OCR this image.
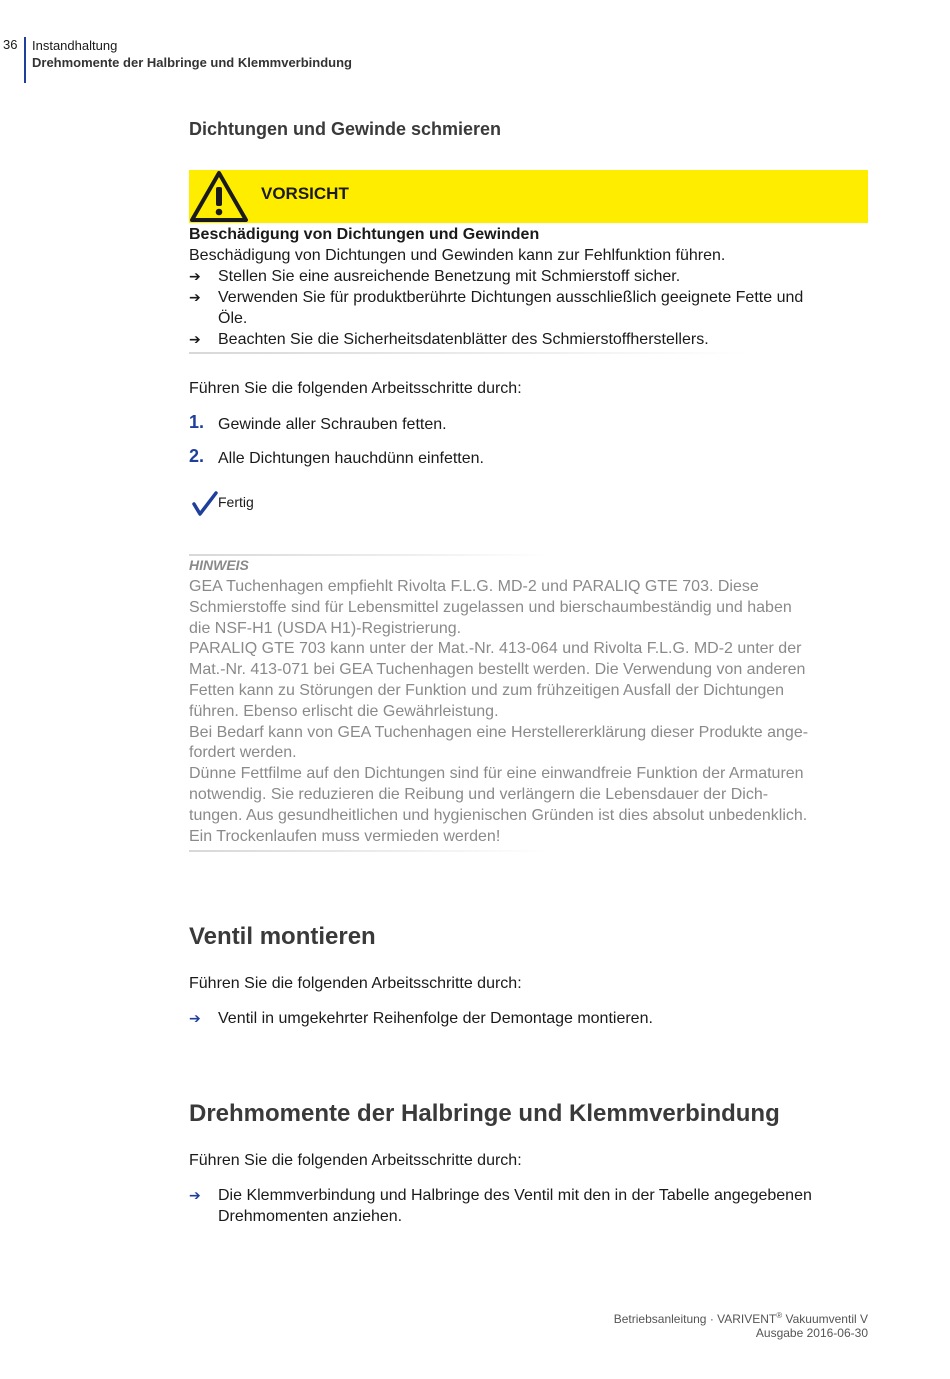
36 Instandhaltung
Drehmomente der Halbringe und Klemmverbindung
Dichtungen und Gewinde schmieren
VORSICHT
Beschädigung von Dichtungen und Gewinden
Beschädigung von Dichtungen und Gewinden kann zur Fehlfunktion führen.
➔ Stellen Sie eine ausreichende Benetzung mit Schmierstoff sicher.
➔ Verwenden Sie für produktberührte Dichtungen ausschließlich geeignete Fette und
Öle.
➔ Beachten Sie die Sicherheitsdatenblätter des Schmierstoffherstellers.
Führen Sie die folgenden Arbeitsschritte durch:
1. Gewinde aller Schrauben fetten.
2. Alle Dichtungen hauchdünn einfetten.
Fertig
HINWEIS
GEA Tuchenhagen empfiehlt Rivolta F.L.G. MD-2 und PARALIQ GTE 703. Diese
Schmierstoffe sind für Lebensmittel zugelassen und bierschaumbeständig und haben
die NSF-H1 (USDA H1)-Registrierung.
PARALIQ GTE 703 kann unter der Mat.-Nr. 413-064 und Rivolta F.L.G. MD-2 unter der
Mat.-Nr. 413-071 bei GEA Tuchenhagen bestellt werden. Die Verwendung von anderen
Fetten kann zu Störungen der Funktion und zum frühzeitigen Ausfall der Dichtungen
führen. Ebenso erlischt die Gewährleistung.
Bei Bedarf kann von GEA Tuchenhagen eine Herstellererklärung dieser Produkte ange-
fordert werden.
Dünne Fettfilme auf den Dichtungen sind für eine einwandfreie Funktion der Armaturen
notwendig. Sie reduzieren die Reibung und verlängern die Lebensdauer der Dich-
tungen. Aus gesundheitlichen und hygienischen Gründen ist dies absolut unbedenklich.
Ein Trockenlaufen muss vermieden werden!
Ventil montieren
Führen Sie die folgenden Arbeitsschritte durch:
➔ Ventil in umgekehrter Reihenfolge der Demontage montieren.
Drehmomente der Halbringe und Klemmverbindung
Führen Sie die folgenden Arbeitsschritte durch:
➔ Die Klemmverbindung und Halbringe des Ventil mit den in der Tabelle angegebenen
Drehmomenten anziehen.
Betriebsanleitung · VARIVENT® Vakuumventil V
Ausgabe 2016-06-30
